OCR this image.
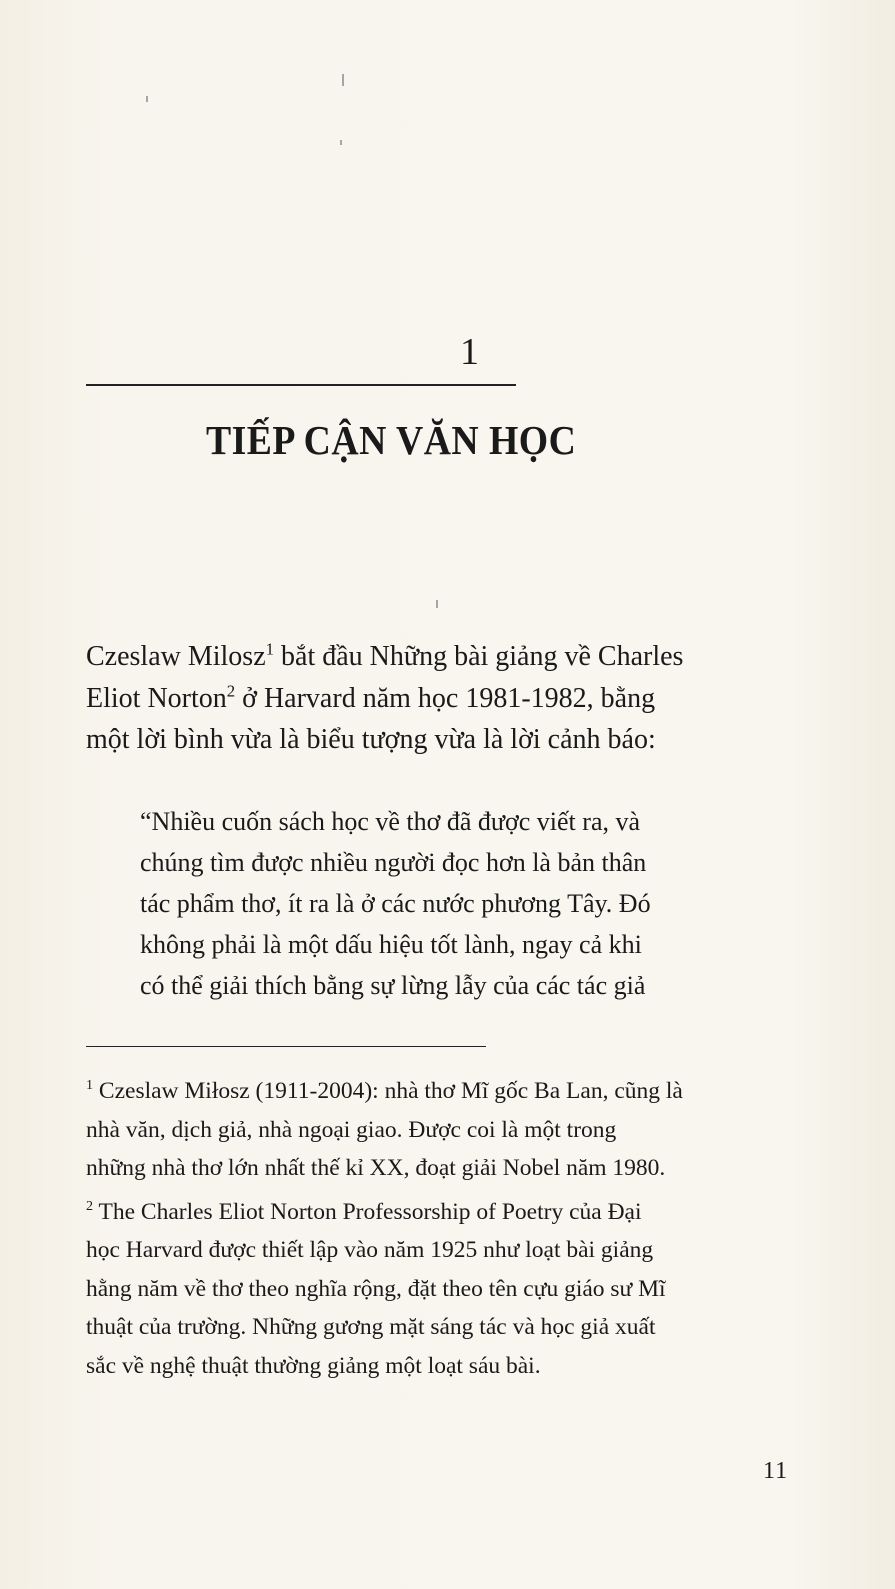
1
TIẾP CẬN VĂN HỌC
Czeslaw Milosz$^1$ bắt đầu Những bài giảng về Charles
Eliot Norton$^2$ ở Harvard năm học 1981-1982, bằng
một lời bình vừa là biểu tượng vừa là lời cảnh báo:
“Nhiều cuốn sách học về thơ đã được viết ra, và
chúng tìm được nhiều người đọc hơn là bản thân
tác phẩm thơ, ít ra là ở các nước phương Tây. Đó
không phải là một dấu hiệu tốt lành, ngay cả khi
có thể giải thích bằng sự lừng lẫy của các tác giả
$^1$ Czeslaw Miłosz (1911-2004): nhà thơ Mĩ gốc Ba Lan, cũng là
nhà văn, dịch giả, nhà ngoại giao. Được coi là một trong
những nhà thơ lớn nhất thế kỉ XX, đoạt giải Nobel năm 1980.
$^2$ The Charles Eliot Norton Professorship of Poetry của Đại
học Harvard được thiết lập vào năm 1925 như loạt bài giảng
hằng năm về thơ theo nghĩa rộng, đặt theo tên cựu giáo sư Mĩ
thuật của trường. Những gương mặt sáng tác và học giả xuất
sắc về nghệ thuật thường giảng một loạt sáu bài.
11
